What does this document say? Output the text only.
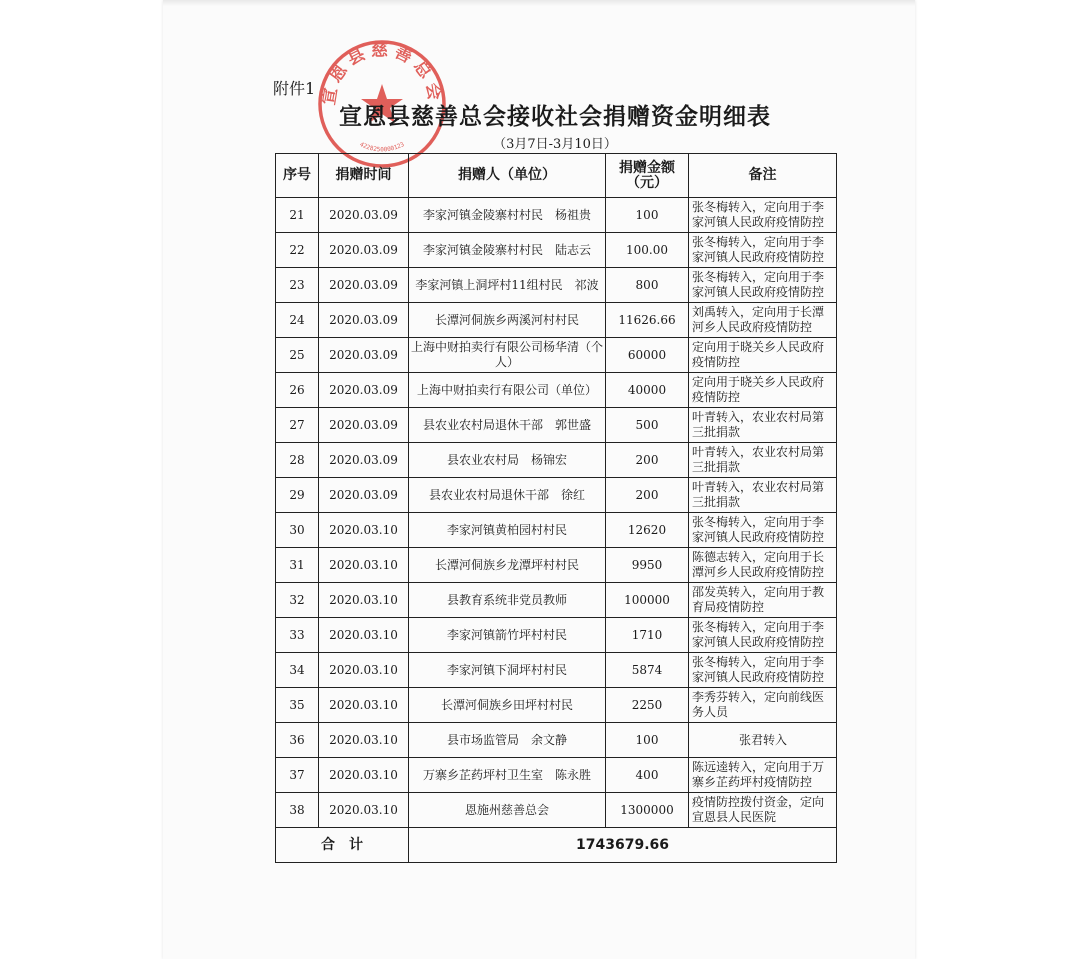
附件1 宣恩县慈善总会
4228250000123
宣恩县慈善总会接收社会捐赠资金明细表
（3月7日-3月10日）
序号	捐赠时间	捐赠人（单位）	捐赠金额（元）	备注
21	2020.03.09	李家河镇金陵寨村村民　杨祖贵	100	张冬梅转入，定向用于李家河镇人民政府疫情防控
22	2020.03.09	李家河镇金陵寨村村民　陆志云	100.00	张冬梅转入，定向用于李家河镇人民政府疫情防控
23	2020.03.09	李家河镇上洞坪村11组村民　祁波	800	张冬梅转入，定向用于李家河镇人民政府疫情防控
24	2020.03.09	长潭河侗族乡两溪河村村民	11626.66	刘禹转入，定向用于长潭河乡人民政府疫情防控
25	2020.03.09	上海中财拍卖行有限公司杨华清（个人）	60000	定向用于晓关乡人民政府疫情防控
26	2020.03.09	上海中财拍卖行有限公司（单位）	40000	定向用于晓关乡人民政府疫情防控
27	2020.03.09	县农业农村局退休干部　郭世盛	500	叶青转入，农业农村局第三批捐款
28	2020.03.09	县农业农村局　杨锦宏	200	叶青转入，农业农村局第三批捐款
29	2020.03.09	县农业农村局退休干部　徐红	200	叶青转入，农业农村局第三批捐款
30	2020.03.10	李家河镇黄柏园村村民	12620	张冬梅转入，定向用于李家河镇人民政府疫情防控
31	2020.03.10	长潭河侗族乡龙潭坪村村民	9950	陈德志转入，定向用于长潭河乡人民政府疫情防控
32	2020.03.10	县教育系统非党员教师	100000	邵发英转入，定向用于教育局疫情防控
33	2020.03.10	李家河镇箭竹坪村村民	1710	张冬梅转入，定向用于李家河镇人民政府疫情防控
34	2020.03.10	李家河镇下洞坪村村民	5874	张冬梅转入，定向用于李家河镇人民政府疫情防控
35	2020.03.10	长潭河侗族乡田坪村村民	2250	李秀芬转入，定向前线医务人员
36	2020.03.10	县市场监管局　余文静	100	张君转入
37	2020.03.10	万寨乡芷药坪村卫生室　陈永胜	400	陈远逵转入，定向用于万寨乡芷药坪村疫情防控
38	2020.03.10	恩施州慈善总会	1300000	疫情防控拨付资金，定向宣恩县人民医院
合　计		1743679.66		
